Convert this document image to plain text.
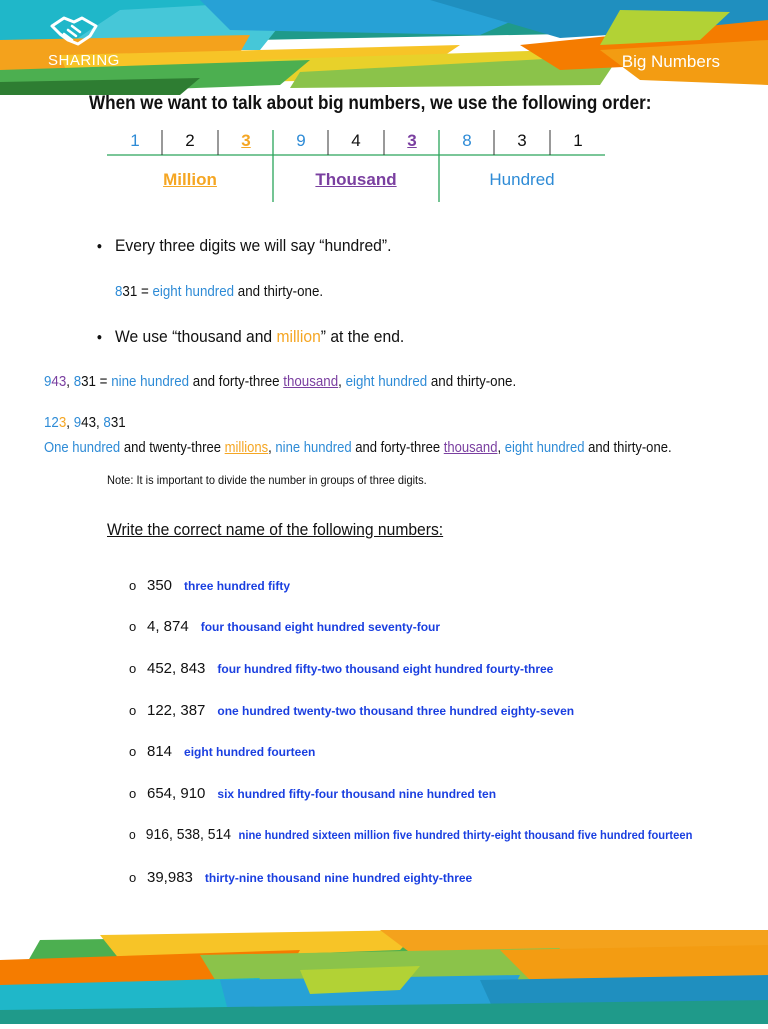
SHARING	Big Numbers
When we want to talk about big numbers, we use the following order:
1	2	3	9	4	3	8	3	1
Million	Thousand	Hundred
● Every three digits we will say “hundred”.
831 = eight hundred and thirty-one.
● We use “thousand and million” at the end.
943, 831 = nine hundred and forty-three thousand, eight hundred and thirty-one.
123, 943, 831
One hundred and twenty-three millions, nine hundred and forty-three thousand, eight hundred and thirty-one.
Note: It is important to divide the number in groups of three digits.
Write the correct name of the following numbers:
o 350 three hundred fifty
o 4, 874 four thousand eight hundred seventy-four
o 452, 843 four hundred fifty-two thousand eight hundred fourty-three
o 122, 387 one hundred twenty-two thousand three hundred eighty-seven
o 814 eight hundred fourteen
o 654, 910 six hundred fifty-four thousand nine hundred ten
o 916, 538, 514 nine hundred sixteen million five hundred thirty-eight thousand five hundred fourteen
o 39,983 thirty-nine thousand nine hundred eighty-three
